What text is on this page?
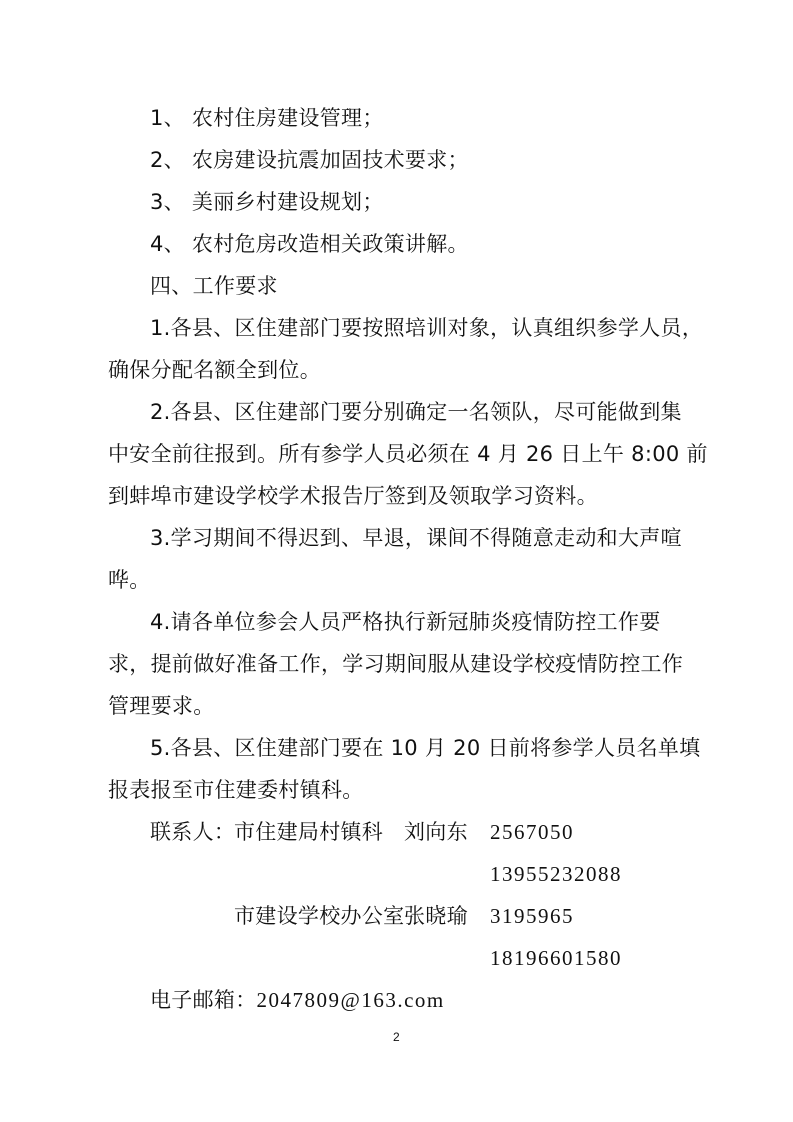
1、 农村住房建设管理；
2、 农房建设抗震加固技术要求；
3、 美丽乡村建设规划；
4、 农村危房改造相关政策讲解。
四、工作要求
1.各县、区住建部门要按照培训对象，认真组织参学人员，
确保分配名额全到位。
2.各县、区住建部门要分别确定一名领队，尽可能做到集
中安全前往报到。所有参学人员必须在 4 月 26 日上午 8:00 前
到蚌埠市建设学校学术报告厅签到及领取学习资料。
3.学习期间不得迟到、早退，课间不得随意走动和大声喧
哗。
4.请各单位参会人员严格执行新冠肺炎疫情防控工作要
求，提前做好准备工作，学习期间服从建设学校疫情防控工作
管理要求。
5.各县、区住建部门要在 10 月 20 日前将参学人员名单填
报表报至市住建委村镇科。
联系人：
市住建局村镇科 刘向东 2567050
13955232088
市建设学校办公室 张晓瑜 3195965
18196601580
电子邮箱：2047809@163.com
2
